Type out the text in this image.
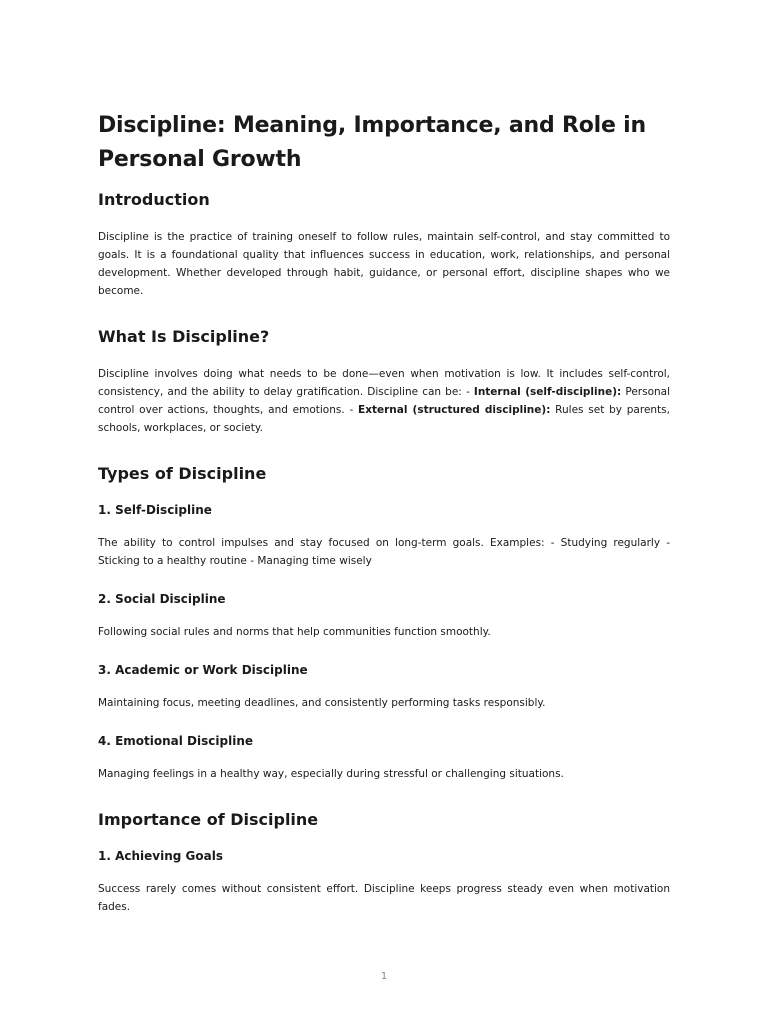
Discipline: Meaning, Importance, and Role in Personal Growth
Introduction

Discipline is the practice of training oneself to follow rules, maintain self-control, and stay committed to goals. It is a foundational quality that influences success in education, work, relationships, and personal development. Whether developed through habit, guidance, or personal effort, discipline shapes who we become.

What Is Discipline?

Discipline involves doing what needs to be done—even when motivation is low. It includes self-control, consistency, and the ability to delay gratification. Discipline can be: - Internal (self-discipline): Personal control over actions, thoughts, and emotions. - External (structured discipline): Rules set by parents, schools, workplaces, or society.

Types of Discipline
1. Self-Discipline

The ability to control impulses and stay focused on long-term goals. Examples: - Studying regularly - Sticking to a healthy routine - Managing time wisely

2. Social Discipline

Following social rules and norms that help communities function smoothly.

3. Academic or Work Discipline

Maintaining focus, meeting deadlines, and consistently performing tasks responsibly.

4. Emotional Discipline

Managing feelings in a healthy way, especially during stressful or challenging situations.

Importance of Discipline
1. Achieving Goals

Success rarely comes without consistent effort. Discipline keeps progress steady even when motivation fades.

1
